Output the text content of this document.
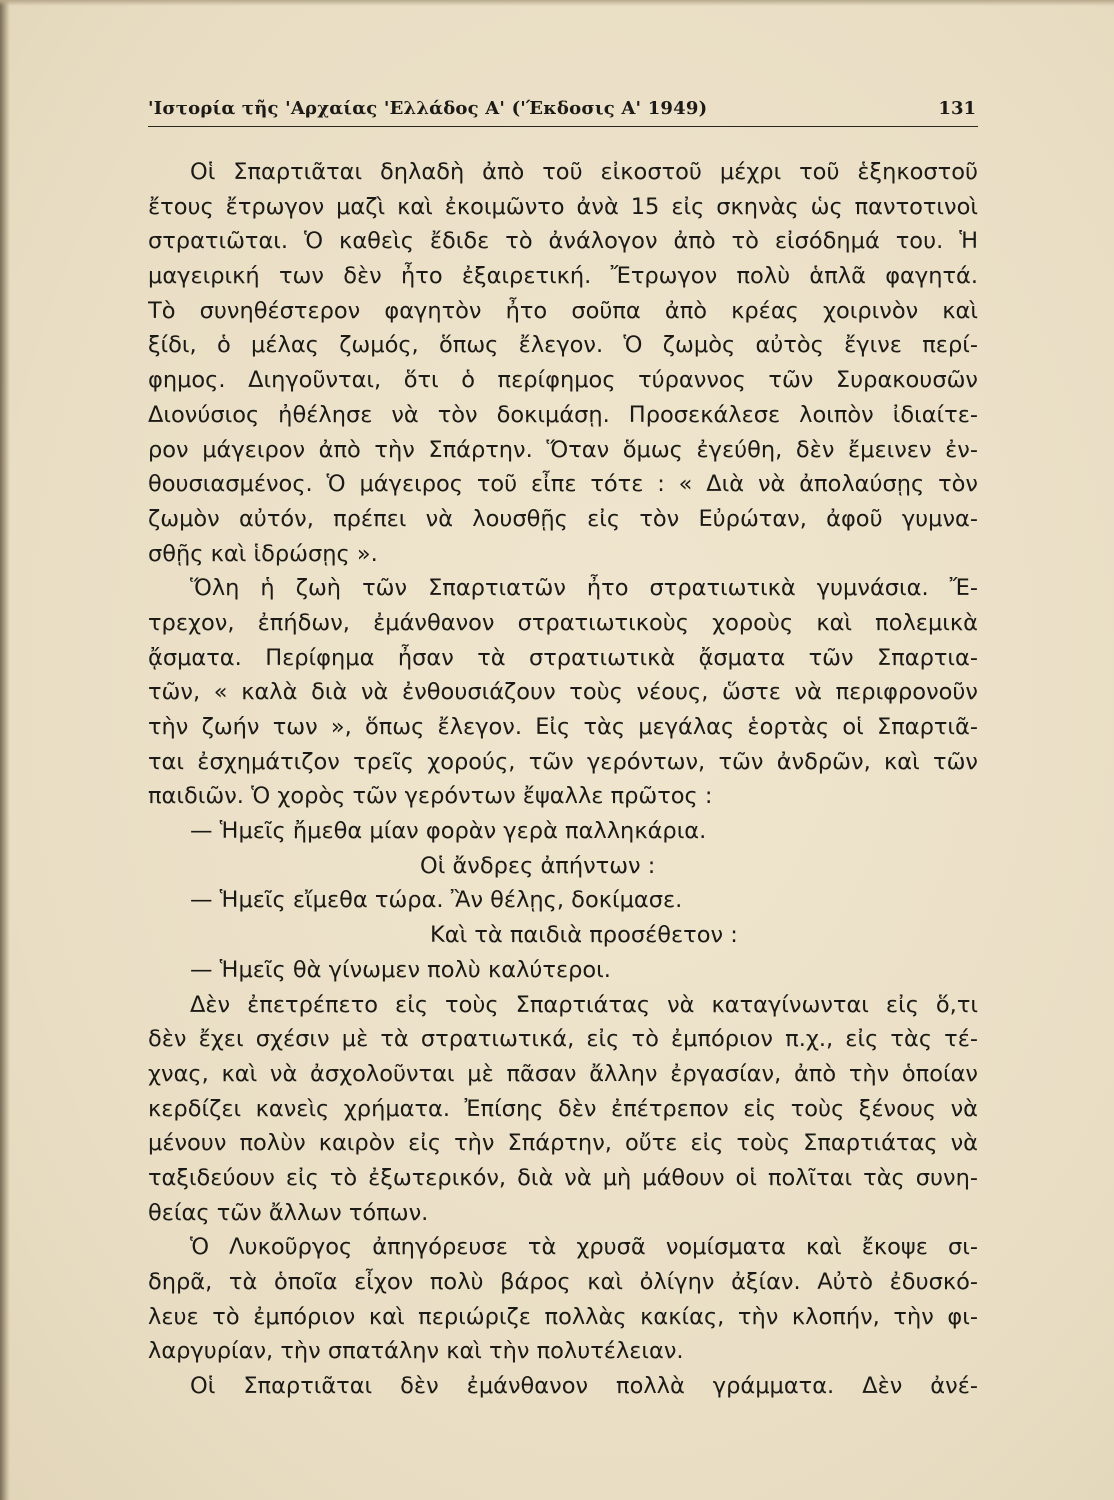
'Ιστορία τῆς 'Αρχαίας 'Ελλάδος Α' ('Έκδοσις Α' 1949)	131
Οἱ Σπαρτιᾶται δηλαδὴ ἀπὸ τοῦ εἰκοστοῦ μέχρι τοῦ ἑξηκοστοῦ
ἔτους ἔτρωγον μαζὶ καὶ ἐκοιμῶντο ἀνὰ 15 εἰς σκηνὰς ὡς παντοτινοὶ
στρατιῶται. Ὁ καθεὶς ἔδιδε τὸ ἀνάλογον ἀπὸ τὸ εἰσόδημά του. Ἡ
μαγειρική των δὲν ἦτο ἐξαιρετική. Ἔτρωγον πολὺ ἁπλᾶ φαγητά.
Τὸ συνηθέστερον φαγητὸν ἦτο σοῦπα ἀπὸ κρέας χοιρινὸν καὶ
ξίδι, ὁ μέλας ζωμός, ὅπως ἔλεγον. Ὁ ζωμὸς αὐτὸς ἔγινε περί-
φημος. Διηγοῦνται, ὅτι ὁ περίφημος τύραννος τῶν Συρακουσῶν
Διονύσιος ἠθέλησε νὰ τὸν δοκιμάσῃ. Προσεκάλεσε λοιπὸν ἰδιαίτε-
ρον μάγειρον ἀπὸ τὴν Σπάρτην. Ὅταν ὅμως ἐγεύθη, δὲν ἔμεινεν ἐν-
θουσιασμένος. Ὁ μάγειρος τοῦ εἶπε τότε : « Διὰ νὰ ἀπολαύσῃς τὸν
ζωμὸν αὐτόν, πρέπει νὰ λουσθῇς εἰς τὸν Εὐρώταν, ἀφοῦ γυμνα-
σθῇς καὶ ἱδρώσῃς ».
Ὅλη ἡ ζωὴ τῶν Σπαρτιατῶν ἦτο στρατιωτικὰ γυμνάσια. Ἔ-
τρεχον, ἐπήδων, ἐμάνθανον στρατιωτικοὺς χοροὺς καὶ πολεμικὰ
ᾄσματα. Περίφημα ἦσαν τὰ στρατιωτικὰ ᾄσματα τῶν Σπαρτια-
τῶν, « καλὰ διὰ νὰ ἐνθουσιάζουν τοὺς νέους, ὥστε νὰ περιφρονοῦν
τὴν ζωήν των », ὅπως ἔλεγον. Εἰς τὰς μεγάλας ἑορτὰς οἱ Σπαρτιᾶ-
ται ἐσχημάτιζον τρεῖς χορούς, τῶν γερόντων, τῶν ἀνδρῶν, καὶ τῶν
παιδιῶν. Ὁ χορὸς τῶν γερόντων ἔψαλλε πρῶτος :
— Ἡμεῖς ἤμεθα μίαν φορὰν γερὰ παλληκάρια.
Οἱ ἄνδρες ἀπήντων :
— Ἡμεῖς εἴμεθα τώρα. Ἂν θέλῃς, δοκίμασε.
Καὶ τὰ παιδιὰ προσέθετον :
— Ἡμεῖς θὰ γίνωμεν πολὺ καλύτεροι.
Δὲν ἐπετρέπετο εἰς τοὺς Σπαρτιάτας νὰ καταγίνωνται εἰς ὅ,τι
δὲν ἔχει σχέσιν μὲ τὰ στρατιωτικά, εἰς τὸ ἐμπόριον π.χ., εἰς τὰς τέ-
χνας, καὶ νὰ ἀσχολοῦνται μὲ πᾶσαν ἄλλην ἐργασίαν, ἀπὸ τὴν ὁποίαν
κερδίζει κανεὶς χρήματα. Ἐπίσης δὲν ἐπέτρεπον εἰς τοὺς ξένους νὰ
μένουν πολὺν καιρὸν εἰς τὴν Σπάρτην, οὔτε εἰς τοὺς Σπαρτιάτας νὰ
ταξιδεύουν εἰς τὸ ἐξωτερικόν, διὰ νὰ μὴ μάθουν οἱ πολῖται τὰς συνη-
θείας τῶν ἄλλων τόπων.
Ὁ Λυκοῦργος ἀπηγόρευσε τὰ χρυσᾶ νομίσματα καὶ ἔκοψε σι-
δηρᾶ, τὰ ὁποῖα εἶχον πολὺ βάρος καὶ ὀλίγην ἀξίαν. Αὐτὸ ἐδυσκό-
λευε τὸ ἐμπόριον καὶ περιώριζε πολλὰς κακίας, τὴν κλοπήν, τὴν φι-
λαργυρίαν, τὴν σπατάλην καὶ τὴν πολυτέλειαν.
Οἱ Σπαρτιᾶται δὲν ἐμάνθανον πολλὰ γράμματα. Δὲν ἀνέ-
